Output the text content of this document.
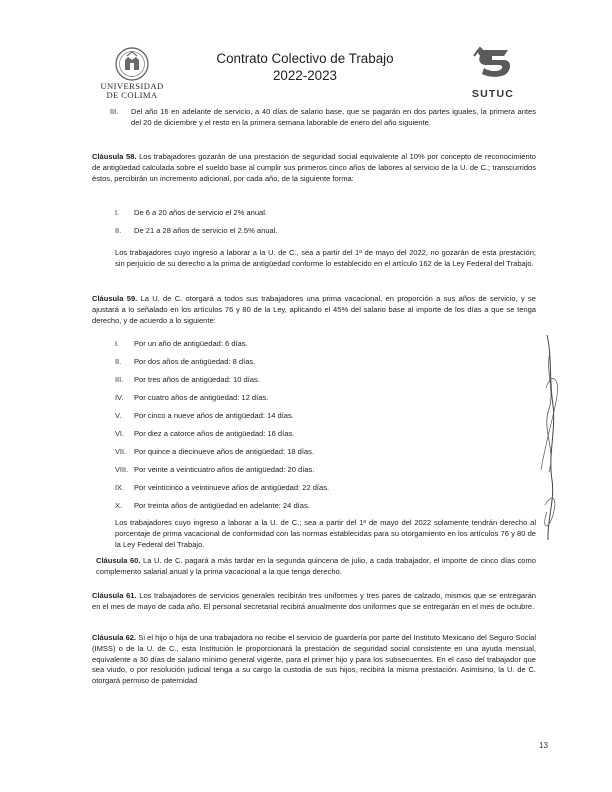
UNIVERSIDAD
DE COLIMA
Contrato Colectivo de Trabajo
2022-2023
SUTUC
III. Del año 16 en adelante de servicio, a 40 días de salario base, que se pagarán en dos partes iguales, la primera antes del 20 de diciembre y el resto en la primera semana laborable de enero del año siguiente.
Cláusula 58. Los trabajadores gozarán de una prestación de seguridad social equivalente al 10% por concepto de reconocimiento de antigüedad calculada sobre el sueldo base al cumplir sus primeros cinco años de labores al servicio de la U. de C.; transcurridos éstos, percibirán un incremento adicional, por cada año, de la siguiente forma:
I. De 6 a 20 años de servicio el 2% anual.
II. De 21 a 28 años de servicio el 2.5% anual.
Los trabajadores cuyo ingreso a laborar a la U. de C., sea a partir del 1º de mayo del 2022, no gozarán de esta prestación; sin perjuicio de su derecho a la prima de antigüedad conforme lo establecido en el artículo 162 de la Ley Federal del Trabajo.
Cláusula 59. La U. de C. otorgará a todos sus trabajadores una prima vacacional, en proporción a sus años de servicio, y se ajustará a lo señalado en los artículos 76 y 80 de la Ley, aplicando el 45% del salario base al importe de los días a que se tenga derecho, y de acuerdo a lo siguiente:
I. Por un año de antigüedad: 6 días.
II. Por dos años de antigüedad: 8 días.
III. Por tres años de antigüedad: 10 días.
IV. Por cuatro años de antigüedad: 12 días.
V. Por cinco a nueve años de antigüedad: 14 días.
VI. Por diez a catorce años de antigüedad: 16 días.
VII. Por quince a diecinueve años de antigüedad: 18 días.
VIII. Por veinte a veinticuatro años de antigüedad: 20 días.
IX. Por veinticinco a veintinueve años de antigüedad: 22 días.
X. Por treinta años de antigüedad en adelante: 24 días.
Los trabajadores cuyo ingreso a laborar a la U. de C.; sea a partir del 1º de mayo del 2022 solamente tendrán derecho al porcentaje de prima vacacional de conformidad con las normas establecidas para su otorgamiento en los artículos 76 y 80 de la Ley Federal del Trabajo.
Cláusula 60. La U. de C. pagará a más tardar en la segunda quincena de julio, a cada trabajador, el importe de cinco días como complemento salarial anual y la prima vacacional a la que tenga derecho.
Cláusula 61. Los trabajadores de servicios generales recibirán tres uniformes y tres pares de calzado, mismos que se entregarán en el mes de mayo de cada año. El personal secretarial recibirá anualmente dos uniformes que se entregarán en el mes de octubre.
Cláusula 62. Si el hijo o hija de una trabajadora no recibe el servicio de guardería por parte del Instituto Mexicano del Seguro Social (IMSS) o de la U. de C., esta Institución le proporcionará la prestación de seguridad social consistente en una ayuda mensual, equivalente a 30 días de salario mínimo general vigente, para el primer hijo y para los subsecuentes. En el caso del trabajador que sea viudo, o por resolución judicial tenga a su cargo la custodia de sus hijos, recibirá la misma prestación. Asimismo, la U. de C. otorgará permiso de paternidad
13
